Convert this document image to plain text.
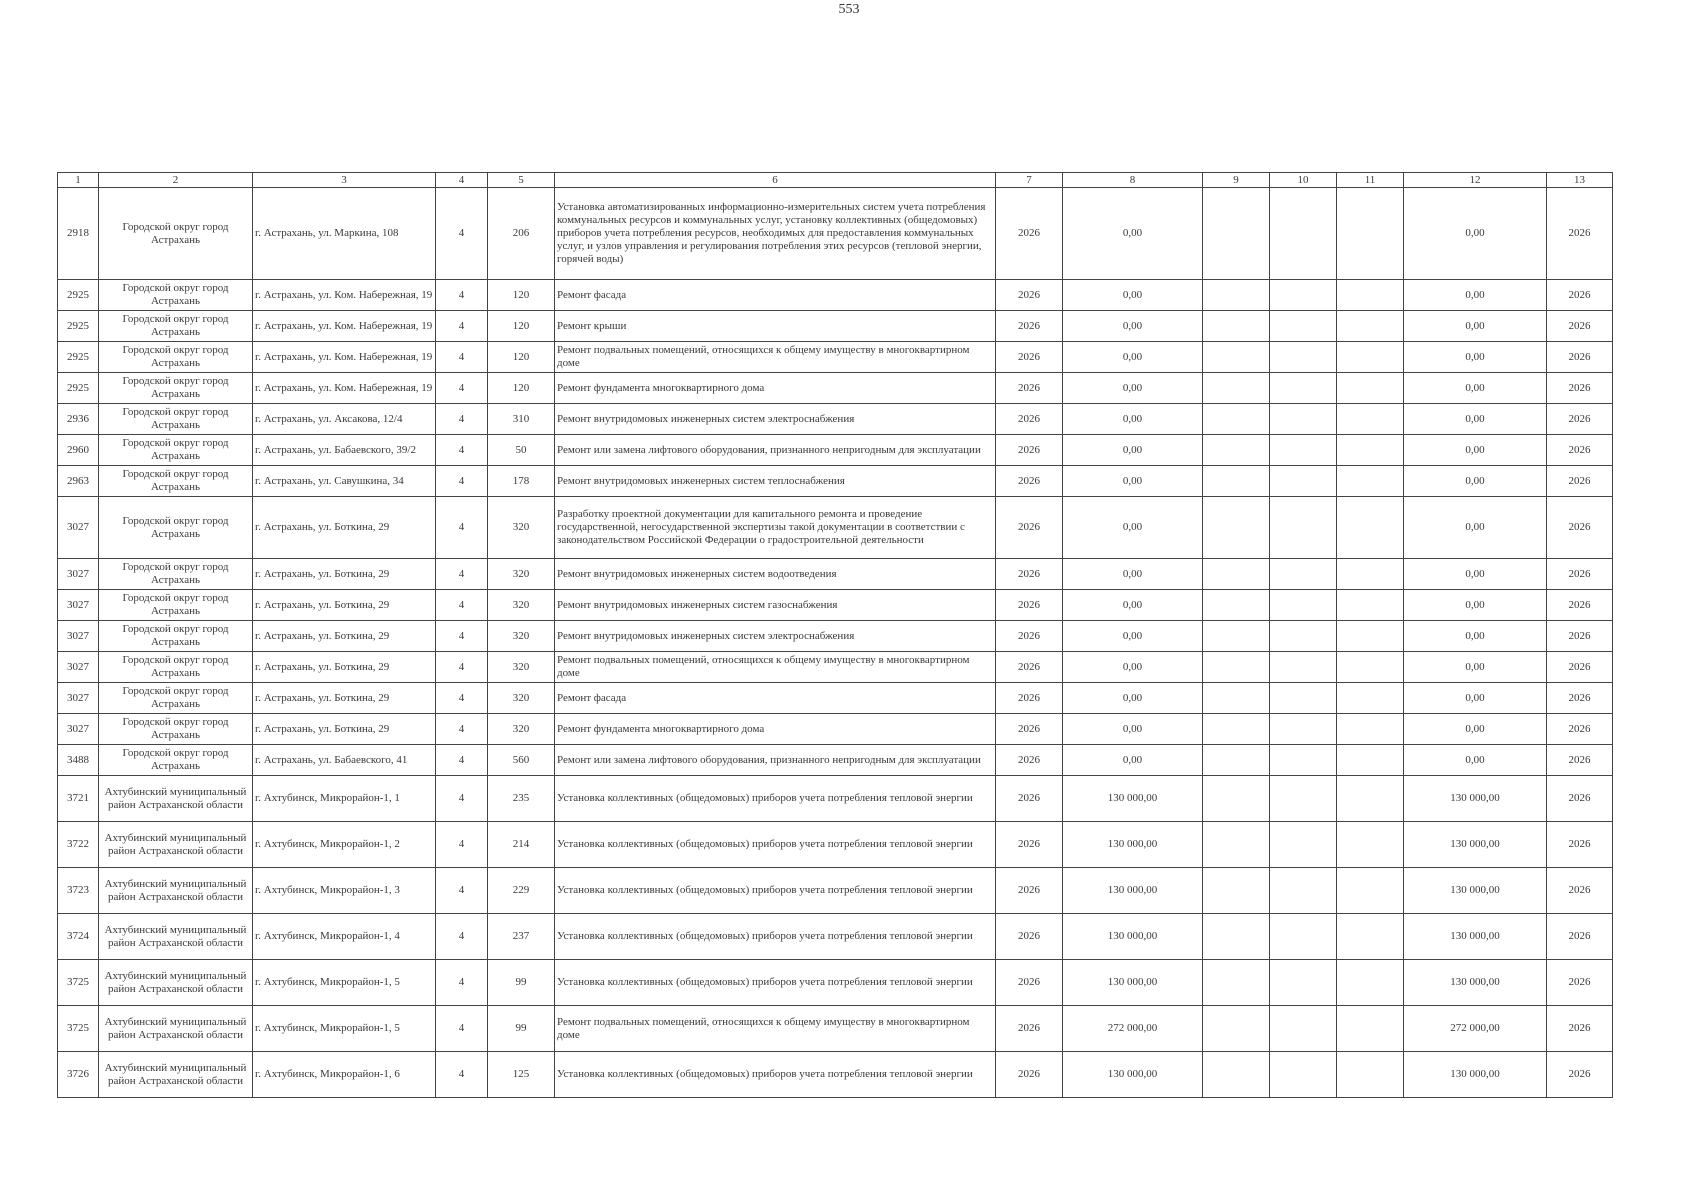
553
1	2	3	4	5	6	7	8	9	10	11	12	13
2918	Городской округ город Астрахань	г. Астрахань, ул. Маркина, 108	4	206	Установка автоматизированных информационно-измерительных систем учета потребления коммунальных ресурсов и коммунальных услуг, установку коллективных (общедомовых) приборов учета потребления ресурсов, необходимых для предоставления коммунальных услуг, и узлов управления и регулирования потребления этих ресурсов (тепловой энергии, горячей воды)	2026	0,00				0,00	2026
2925	Городской округ город Астрахань	г. Астрахань, ул. Ком. Набережная, 19	4	120	Ремонт фасада	2026	0,00				0,00	2026
2925	Городской округ город Астрахань	г. Астрахань, ул. Ком. Набережная, 19	4	120	Ремонт крыши	2026	0,00				0,00	2026
2925	Городской округ город Астрахань	г. Астрахань, ул. Ком. Набережная, 19	4	120	Ремонт подвальных помещений, относящихся к общему имуществу в многоквартирном доме	2026	0,00				0,00	2026
2925	Городской округ город Астрахань	г. Астрахань, ул. Ком. Набережная, 19	4	120	Ремонт фундамента многоквартирного дома	2026	0,00				0,00	2026
2936	Городской округ город Астрахань	г. Астрахань, ул. Аксакова, 12/4	4	310	Ремонт внутридомовых инженерных систем электроснабжения	2026	0,00				0,00	2026
2960	Городской округ город Астрахань	г. Астрахань, ул. Бабаевского, 39/2	4	50	Ремонт или замена лифтового оборудования, признанного непригодным для эксплуатации	2026	0,00				0,00	2026
2963	Городской округ город Астрахань	г. Астрахань, ул. Савушкина, 34	4	178	Ремонт внутридомовых инженерных систем теплоснабжения	2026	0,00				0,00	2026
3027	Городской округ город Астрахань	г. Астрахань, ул. Боткина, 29	4	320	Разработку проектной документации для капитального ремонта и проведение государственной, негосударственной экспертизы такой документации в соответствии с законодательством Российской Федерации о градостроительной деятельности	2026	0,00				0,00	2026
3027	Городской округ город Астрахань	г. Астрахань, ул. Боткина, 29	4	320	Ремонт внутридомовых инженерных систем водоотведения	2026	0,00				0,00	2026
3027	Городской округ город Астрахань	г. Астрахань, ул. Боткина, 29	4	320	Ремонт внутридомовых инженерных систем газоснабжения	2026	0,00				0,00	2026
3027	Городской округ город Астрахань	г. Астрахань, ул. Боткина, 29	4	320	Ремонт внутридомовых инженерных систем электроснабжения	2026	0,00				0,00	2026
3027	Городской округ город Астрахань	г. Астрахань, ул. Боткина, 29	4	320	Ремонт подвальных помещений, относящихся к общему имуществу в многоквартирном доме	2026	0,00				0,00	2026
3027	Городской округ город Астрахань	г. Астрахань, ул. Боткина, 29	4	320	Ремонт фасада	2026	0,00				0,00	2026
3027	Городской округ город Астрахань	г. Астрахань, ул. Боткина, 29	4	320	Ремонт фундамента многоквартирного дома	2026	0,00				0,00	2026
3488	Городской округ город Астрахань	г. Астрахань, ул. Бабаевского, 41	4	560	Ремонт или замена лифтового оборудования, признанного непригодным для эксплуатации	2026	0,00				0,00	2026
3721	Ахтубинский муниципальный район Астраханской области	г. Ахтубинск, Микрорайон-1, 1	4	235	Установка коллективных (общедомовых) приборов учета потребления тепловой энергии	2026	130 000,00				130 000,00	2026
3722	Ахтубинский муниципальный район Астраханской области	г. Ахтубинск, Микрорайон-1, 2	4	214	Установка коллективных (общедомовых) приборов учета потребления тепловой энергии	2026	130 000,00				130 000,00	2026
3723	Ахтубинский муниципальный район Астраханской области	г. Ахтубинск, Микрорайон-1, 3	4	229	Установка коллективных (общедомовых) приборов учета потребления тепловой энергии	2026	130 000,00				130 000,00	2026
3724	Ахтубинский муниципальный район Астраханской области	г. Ахтубинск, Микрорайон-1, 4	4	237	Установка коллективных (общедомовых) приборов учета потребления тепловой энергии	2026	130 000,00				130 000,00	2026
3725	Ахтубинский муниципальный район Астраханской области	г. Ахтубинск, Микрорайон-1, 5	4	99	Установка коллективных (общедомовых) приборов учета потребления тепловой энергии	2026	130 000,00				130 000,00	2026
3725	Ахтубинский муниципальный район Астраханской области	г. Ахтубинск, Микрорайон-1, 5	4	99	Ремонт подвальных помещений, относящихся к общему имуществу в многоквартирном доме	2026	272 000,00				272 000,00	2026
3726	Ахтубинский муниципальный район Астраханской области	г. Ахтубинск, Микрорайон-1, 6	4	125	Установка коллективных (общедомовых) приборов учета потребления тепловой энергии	2026	130 000,00				130 000,00	2026
